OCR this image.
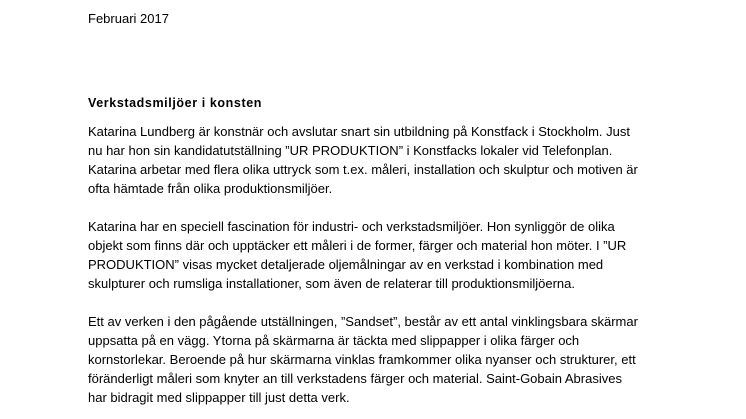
Februari 2017

Verkstadsmiljöer i konsten

Katarina Lundberg är konstnär och avslutar snart sin utbildning på Konstfack i Stockholm. Just
nu har hon sin kandidatutställning ”UR PRODUKTION” i Konstfacks lokaler vid Telefonplan.
Katarina arbetar med flera olika uttryck som t.ex. måleri, installation och skulptur och motiven är
ofta hämtade från olika produktionsmiljöer.

Katarina har en speciell fascination för industri- och verkstadsmiljöer. Hon synliggör de olika
objekt som finns där och upptäcker ett måleri i de former, färger och material hon möter. I ”UR
PRODUKTION” visas mycket detaljerade oljemålningar av en verkstad i kombination med
skulpturer och rumsliga installationer, som även de relaterar till produktionsmiljöerna.

Ett av verken i den pågående utställningen, ”Sandset”, består av ett antal vinklingsbara skärmar
uppsatta på en vägg. Ytorna på skärmarna är täckta med slippapper i olika färger och
kornstorlekar. Beroende på hur skärmarna vinklas framkommer olika nyanser och strukturer, ett
föränderligt måleri som knyter an till verkstadens färger och material. Saint-Gobain Abrasives
har bidragit med slippapper till just detta verk.
